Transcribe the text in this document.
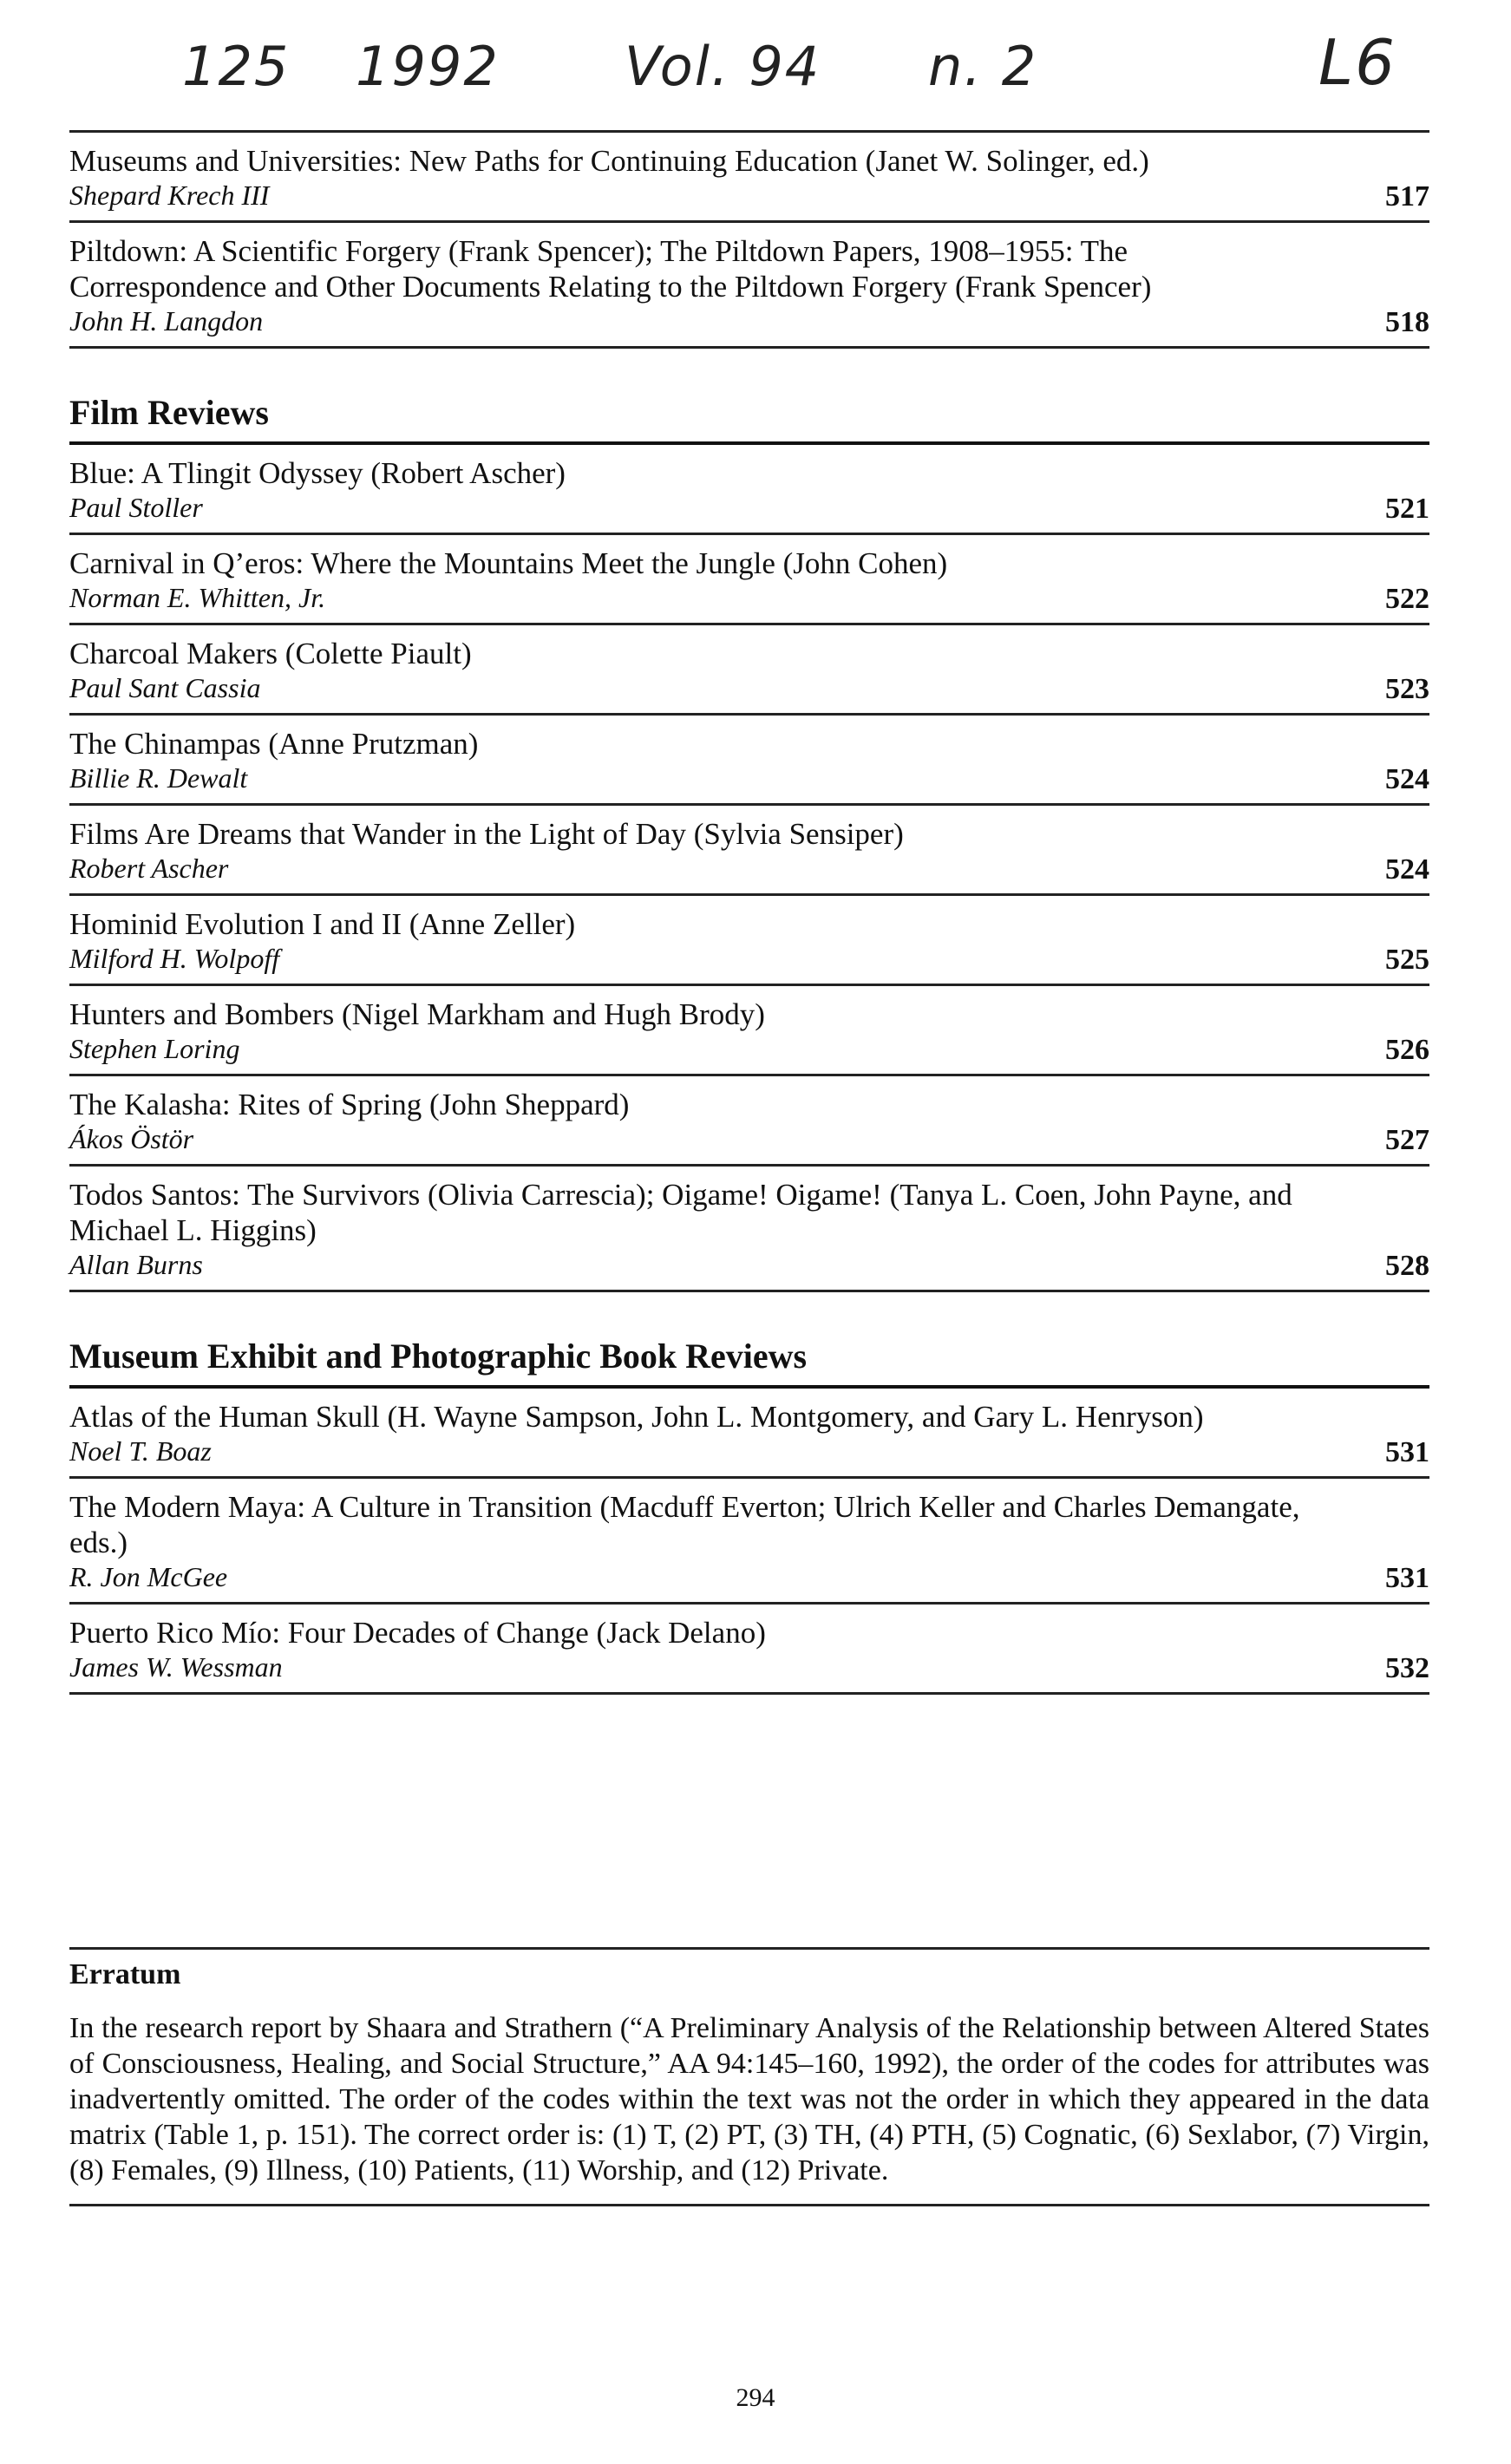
125 1992 Vol. 94 n. 2	L6
Museums and Universities: New Paths for Continuing Education (Janet W. Solinger, ed.)
Shepard Krech III	517
Piltdown: A Scientific Forgery (Frank Spencer); The Piltdown Papers, 1908–1955: The Correspondence and Other Documents Relating to the Piltdown Forgery (Frank Spencer)
John H. Langdon	518
Film Reviews
Blue: A Tlingit Odyssey (Robert Ascher)
Paul Stoller	521
Carnival in Q’eros: Where the Mountains Meet the Jungle (John Cohen)
Norman E. Whitten, Jr.	522
Charcoal Makers (Colette Piault)
Paul Sant Cassia	523
The Chinampas (Anne Prutzman)
Billie R. Dewalt	524
Films Are Dreams that Wander in the Light of Day (Sylvia Sensiper)
Robert Ascher	524
Hominid Evolution I and II (Anne Zeller)
Milford H. Wolpoff	525
Hunters and Bombers (Nigel Markham and Hugh Brody)
Stephen Loring	526
The Kalasha: Rites of Spring (John Sheppard)
Ákos Östör	527
Todos Santos: The Survivors (Olivia Carrescia); Oigame! Oigame! (Tanya L. Coen, John Payne, and Michael L. Higgins)
Allan Burns	528
Museum Exhibit and Photographic Book Reviews
Atlas of the Human Skull (H. Wayne Sampson, John L. Montgomery, and Gary L. Henryson)
Noel T. Boaz	531
The Modern Maya: A Culture in Transition (Macduff Everton; Ulrich Keller and Charles Demangate, eds.)
R. Jon McGee	531
Puerto Rico Mío: Four Decades of Change (Jack Delano)
James W. Wessman	532
Erratum

In the research report by Shaara and Strathern (“A Preliminary Analysis of the Relationship between Altered States of Consciousness, Healing, and Social Structure,” AA 94:145–160, 1992), the order of the codes for attributes was inadvertently omitted. The order of the codes within the text was not the order in which they appeared in the data matrix (Table 1, p. 151). The correct order is: (1) T, (2) PT, (3) TH, (4) PTH, (5) Cognatic, (6) Sexlabor, (7) Virgin, (8) Females, (9) Illness, (10) Patients, (11) Worship, and (12) Private.

294
